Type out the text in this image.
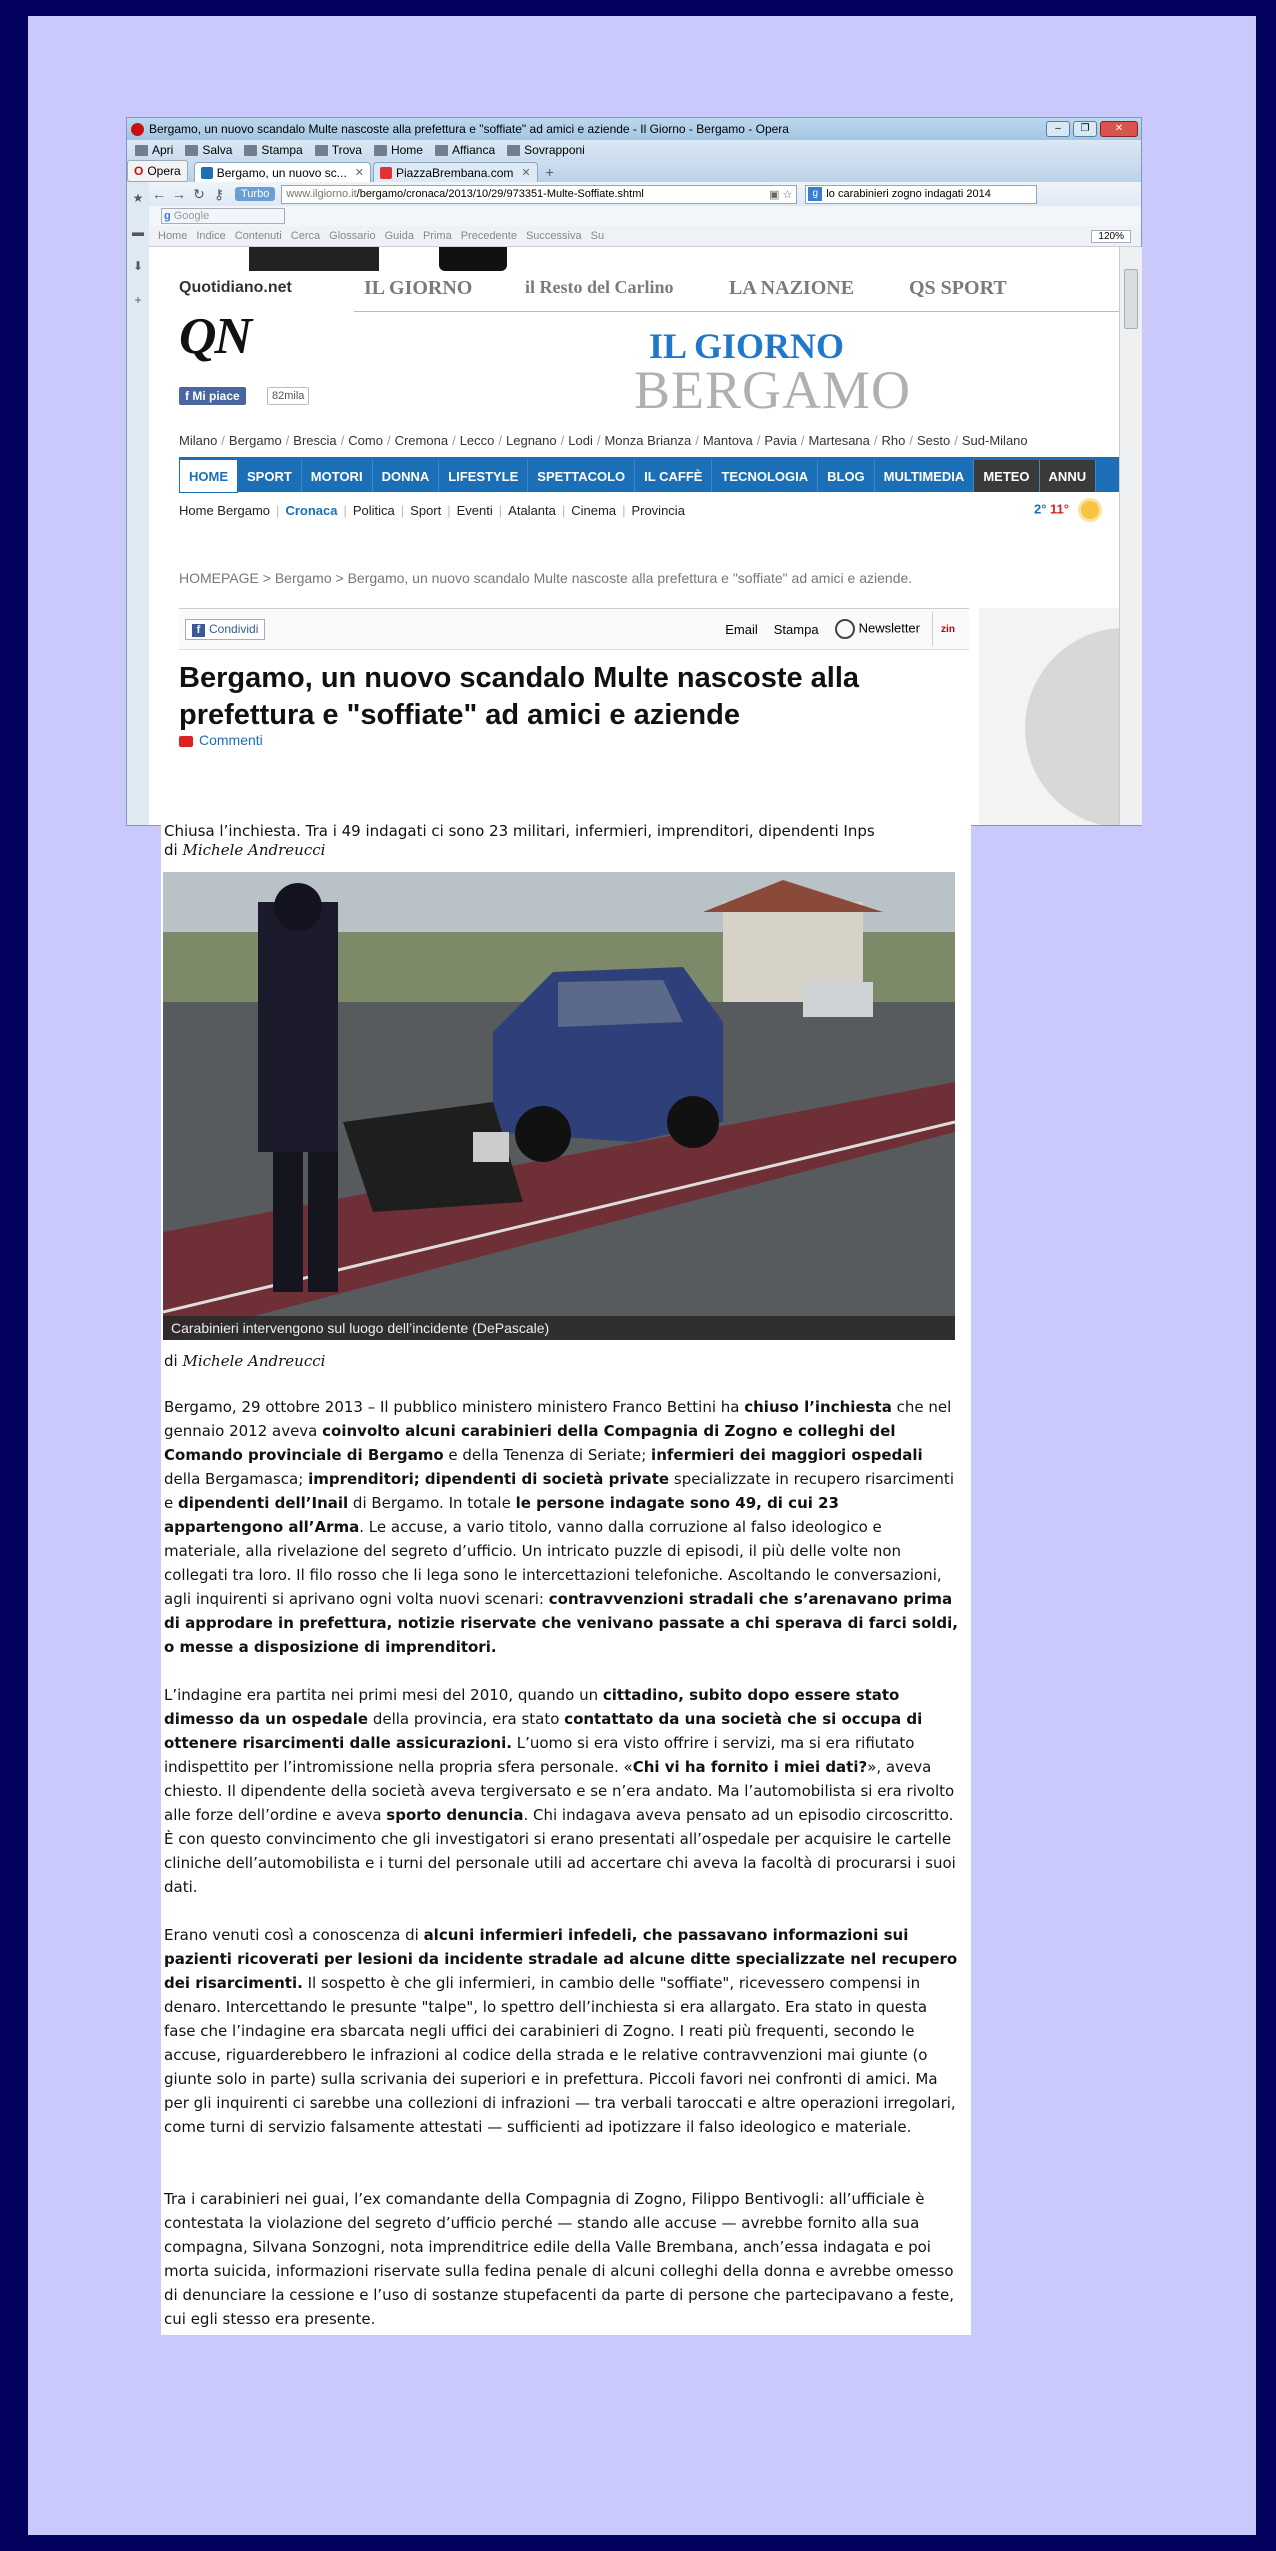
Bergamo, un nuovo scandalo Multe nascoste alla prefettura e "soffiate" ad amici e aziende - Il Giorno - Bergamo - Opera	–	❐	✕
Apri Salva Stampa Trova Home Affianca Sovrapponi
O Opera	Bergamo, un nuovo sc... ✕	PiazzaBrembana.com ✕ +
★
▬
⬇
+
← → ↻ ⚷	Turbo	www.ilgiorno.it /bergamo/cronaca/2013/10/29/973351-Multe-Soffiate.shtml	▣ ☆	g lo carabinieri zogno indagati 2014
g Google
Home Indice Contenuti Cerca Glossario Guida Prima Precedente Successiva Su	120%
Quotidiano.net	IL GIORNO	il Resto del Carlino	LA NAZIONE	QS SPORT
QN	IL GIORNO
BERGAMO
f Mi piace	82mila
Milano / Bergamo / Brescia / Como / Cremona / Lecco / Legnano / Lodi / Monza Brianza / Mantova / Pavia / Martesana / Rho / Sesto / Sud-Milano
HOME	SPORT	MOTORI	DONNA	LIFESTYLE	SPETTACOLO	IL CAFFÈ	TECNOLOGIA	BLOG	MULTIMEDIA	METEO	ANNU
Home Bergamo | Cronaca | Politica | Sport | Eventi | Atalanta | Cinema | Provincia	2° 11°
HOMEPAGE > Bergamo > Bergamo, un nuovo scandalo Multe nascoste alla prefettura e "soffiate" ad amici e aziende.
f Condividi	Email Stampa	Newsletter	zin
Bergamo, un nuovo scandalo Multe nascoste alla prefettura e "soffiate" ad amici e aziende
Commenti
Chiusa l’inchiesta. Tra i 49 indagati ci sono 23 militari, infermieri, imprenditori, dipendenti Inps
di Michele Andreucci
Carabinieri intervengono sul luogo dell’incidente (DePascale)
di Michele Andreucci

Bergamo, 29 ottobre 2013 – Il pubblico ministero ministero Franco Bettini ha chiuso l’inchiesta che nel gennaio 2012 aveva coinvolto alcuni carabinieri della Compagnia di Zogno e colleghi del Comando provinciale di Bergamo e della Tenenza di Seriate; infermieri dei maggiori ospedali della Bergamasca; imprenditori; dipendenti di società private specializzate in recupero risarcimenti e dipendenti dell’Inail di Bergamo. In totale le persone indagate sono 49, di cui 23 appartengono all’Arma. Le accuse, a vario titolo, vanno dalla corruzione al falso ideologico e materiale, alla rivelazione del segreto d’ufficio. Un intricato puzzle di episodi, il più delle volte non collegati tra loro. Il filo rosso che li lega sono le intercettazioni telefoniche. Ascoltando le conversazioni, agli inquirenti si aprivano ogni volta nuovi scenari: contravvenzioni stradali che s’arenavano prima di approdare in prefettura, notizie riservate che venivano passate a chi sperava di farci soldi, o messe a disposizione di imprenditori.

L’indagine era partita nei primi mesi del 2010, quando un cittadino, subito dopo essere stato dimesso da un ospedale della provincia, era stato contattato da una società che si occupa di ottenere risarcimenti dalle assicurazioni. L’uomo si era visto offrire i servizi, ma si era rifiutato indispettito per l’intromissione nella propria sfera personale. «Chi vi ha fornito i miei dati?», aveva chiesto. Il dipendente della società aveva tergiversato e se n’era andato. Ma l’automobilista si era rivolto alle forze dell’ordine e aveva sporto denuncia. Chi indagava aveva pensato ad un episodio circoscritto. È con questo convincimento che gli investigatori si erano presentati all’ospedale per acquisire le cartelle cliniche dell’automobilista e i turni del personale utili ad accertare chi aveva la facoltà di procurarsi i suoi dati.

Erano venuti così a conoscenza di alcuni infermieri infedeli, che passavano informazioni sui pazienti ricoverati per lesioni da incidente stradale ad alcune ditte specializzate nel recupero dei risarcimenti. Il sospetto è che gli infermieri, in cambio delle "soffiate", ricevessero compensi in denaro. Intercettando le presunte "talpe", lo spettro dell’inchiesta si era allargato. Era stato in questa fase che l’indagine era sbarcata negli uffici dei carabinieri di Zogno. I reati più frequenti, secondo le accuse, riguarderebbero le infrazioni al codice della strada e le relative contravvenzioni mai giunte (o giunte solo in parte) sulla scrivania dei superiori e in prefettura. Piccoli favori nei confronti di amici. Ma per gli inquirenti ci sarebbe una collezioni di infrazioni — tra verbali taroccati e altre operazioni irregolari, come turni di servizio falsamente attestati — sufficienti ad ipotizzare il falso ideologico e materiale.

Tra i carabinieri nei guai, l’ex comandante della Compagnia di Zogno, Filippo Bentivogli: all’ufficiale è contestata la violazione del segreto d’ufficio perché — stando alle accuse — avrebbe fornito alla sua compagna, Silvana Sonzogni, nota imprenditrice edile della Valle Brembana, anch’essa indagata e poi morta suicida, informazioni riservate sulla fedina penale di alcuni colleghi della donna e avrebbe omesso di denunciare la cessione e l’uso di sostanze stupefacenti da parte di persone che partecipavano a feste, cui egli stesso era presente.
